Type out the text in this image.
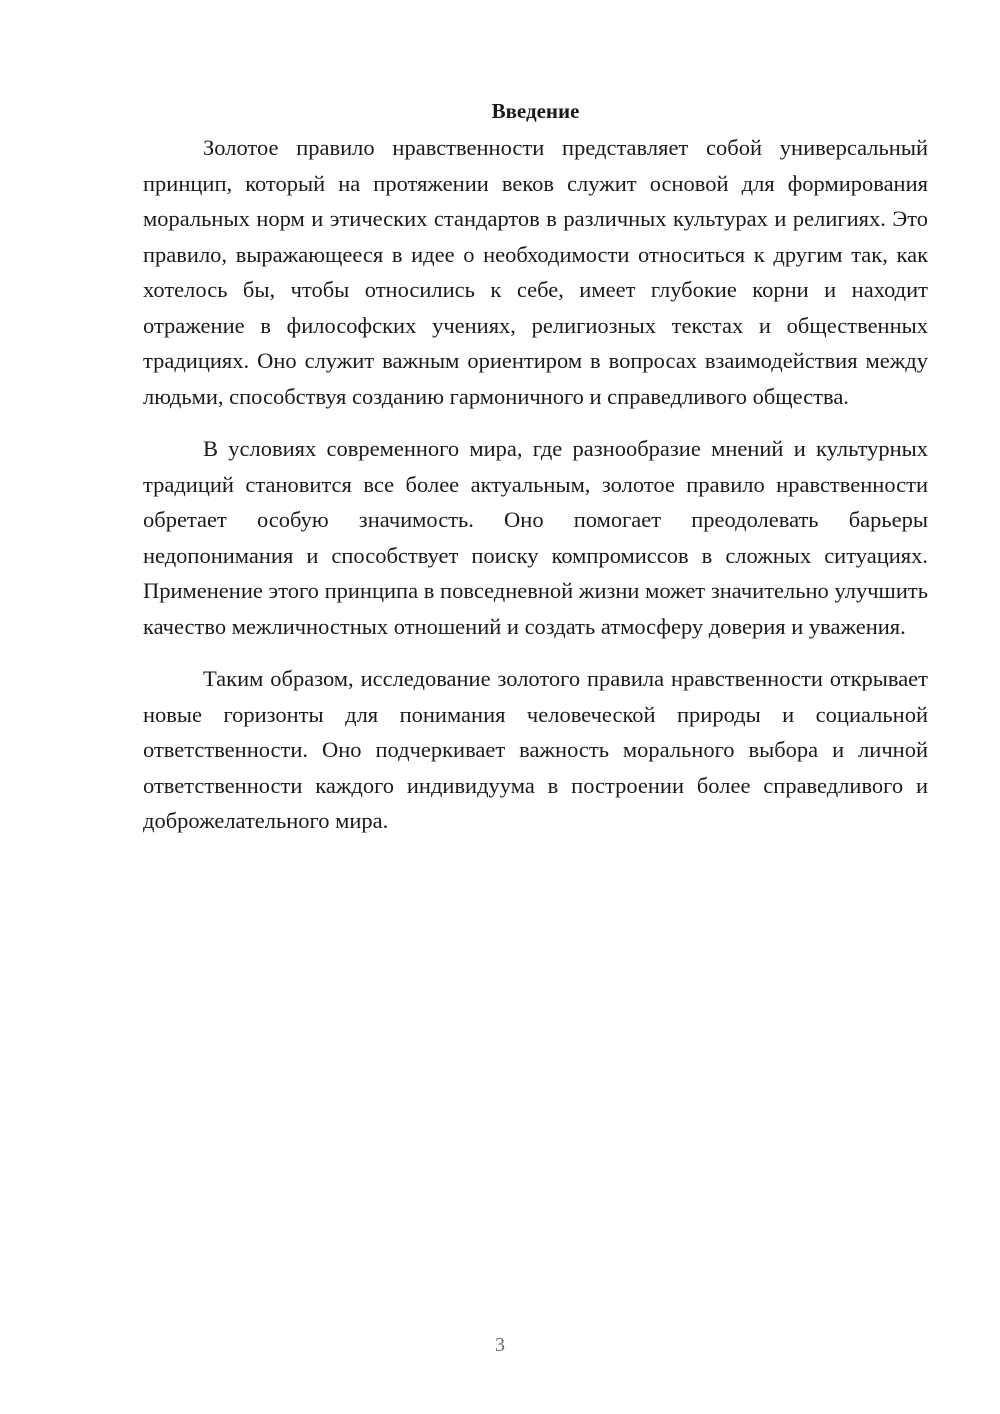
Введение

Золотое правило нравственности представляет собой универсальный принцип, который на протяжении веков служит основой для формирования моральных норм и этических стандартов в различных культурах и религиях. Это правило, выражающееся в идее о необходимости относиться к другим так, как хотелось бы, чтобы относились к себе, имеет глубокие корни и находит отражение в философских учениях, религиозных текстах и общественных традициях. Оно служит важным ориентиром в вопросах взаимодействия между людьми, способствуя созданию гармоничного и справедливого общества.

В условиях современного мира, где разнообразие мнений и культурных традиций становится все более актуальным, золотое правило нравственности обретает особую значимость. Оно помогает преодолевать барьеры недопонимания и способствует поиску компромиссов в сложных ситуациях. Применение этого принципа в повседневной жизни может значительно улучшить качество межличностных отношений и создать атмосферу доверия и уважения.

Таким образом, исследование золотого правила нравственности открывает новые горизонты для понимания человеческой природы и социальной ответственности. Оно подчеркивает важность морального выбора и личной ответственности каждого индивидуума в построении более справедливого и доброжелательного мира.

3
